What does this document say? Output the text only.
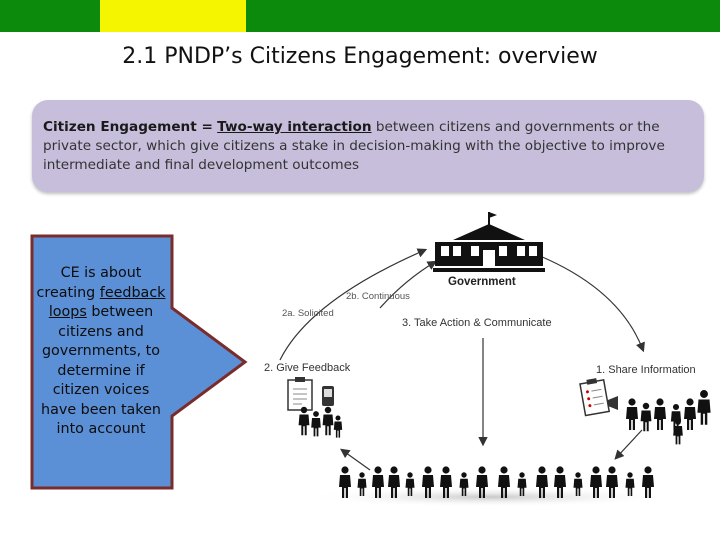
2.1 PNDP’s Citizens Engagement: overview
Citizen Engagement = Two-way interaction between citizens and governments or the private sector, which give citizens a stake in decision-making with the objective to improve intermediate and final development outcomes
CE is about creating feedback loops between citizens and governments, to determine if citizen voices have been taken into account
Government
2b. Continuous
2a. Solicited
3. Take Action & Communicate
2. Give Feedback	1. Share Information
